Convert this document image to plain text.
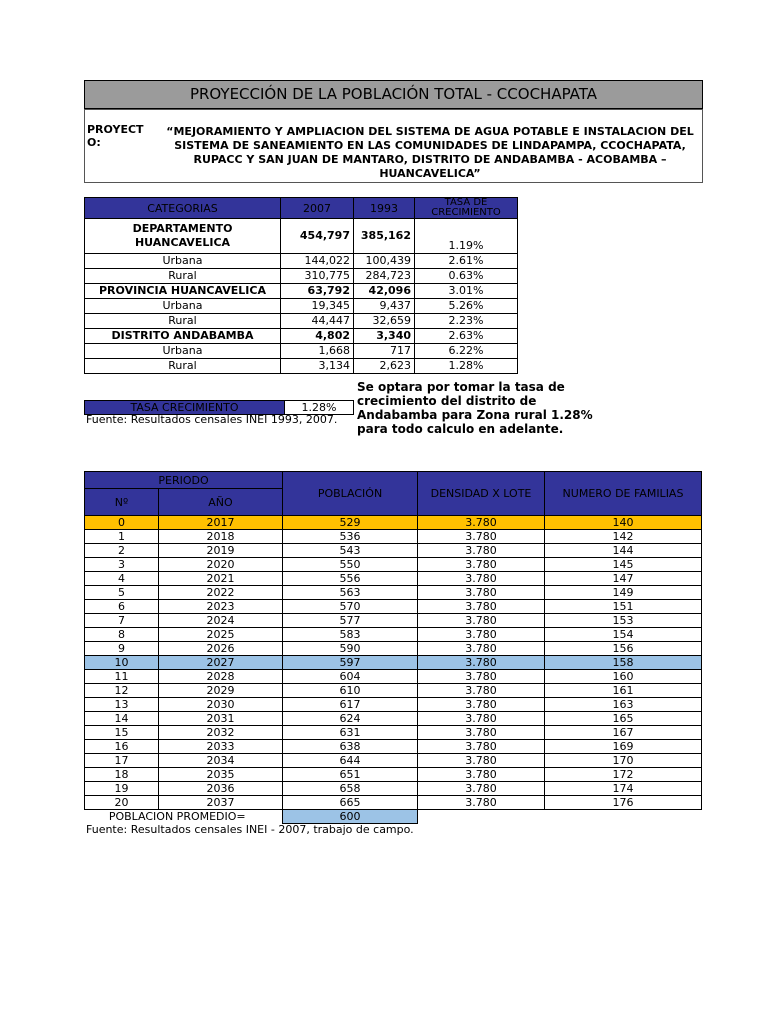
PROYECCIÓN DE LA POBLACIÓN TOTAL - CCOCHAPATA
PROYECT
O:
“MEJORAMIENTO Y AMPLIACION DEL SISTEMA DE AGUA POTABLE E INSTALACION DEL SISTEMA DE SANEAMIENTO EN LAS COMUNIDADES DE LINDAPAMPA, CCOCHAPATA, RUPACC Y SAN JUAN DE MANTARO, DISTRITO DE ANDABAMBA - ACOBAMBA – HUANCAVELICA”
CATEGORIAS	2007	1993	TASA DE CRECIMIENTO
DEPARTAMENTO HUANCAVELICA	454,797	385,162	1.19%
Urbana	144,022	100,439	2.61%
Rural	310,775	284,723	0.63%
PROVINCIA HUANCAVELICA	63,792	42,096	3.01%
Urbana	19,345	9,437	5.26%
Rural	44,447	32,659	2.23%
DISTRITO ANDABAMBA	4,802	3,340	2.63%
Urbana	1,668	717	6.22%
Rural	3,134	2,623	1.28%
TASA CRECIMIENTO	1.28%
Fuente: Resultados censales INEI 1993, 2007.
Se optara por tomar la tasa de crecimiento del distrito de Andabamba para Zona rural 1.28% para todo calculo en adelante.
PERIODO		POBLACIÓN	DENSIDAD X LOTE	NUMERO DE FAMILIAS
Nº	AÑO			
0	2017	529	3.780	140
1	2018	536	3.780	142
2	2019	543	3.780	144
3	2020	550	3.780	145
4	2021	556	3.780	147
5	2022	563	3.780	149
6	2023	570	3.780	151
7	2024	577	3.780	153
8	2025	583	3.780	154
9	2026	590	3.780	156
10	2027	597	3.780	158
11	2028	604	3.780	160
12	2029	610	3.780	161
13	2030	617	3.780	163
14	2031	624	3.780	165
15	2032	631	3.780	167
16	2033	638	3.780	169
17	2034	644	3.780	170
18	2035	651	3.780	172
19	2036	658	3.780	174
20	2037	665	3.780	176
POBLACION PROMEDIO=		600		
Fuente: Resultados censales INEI - 2007, trabajo de campo.
